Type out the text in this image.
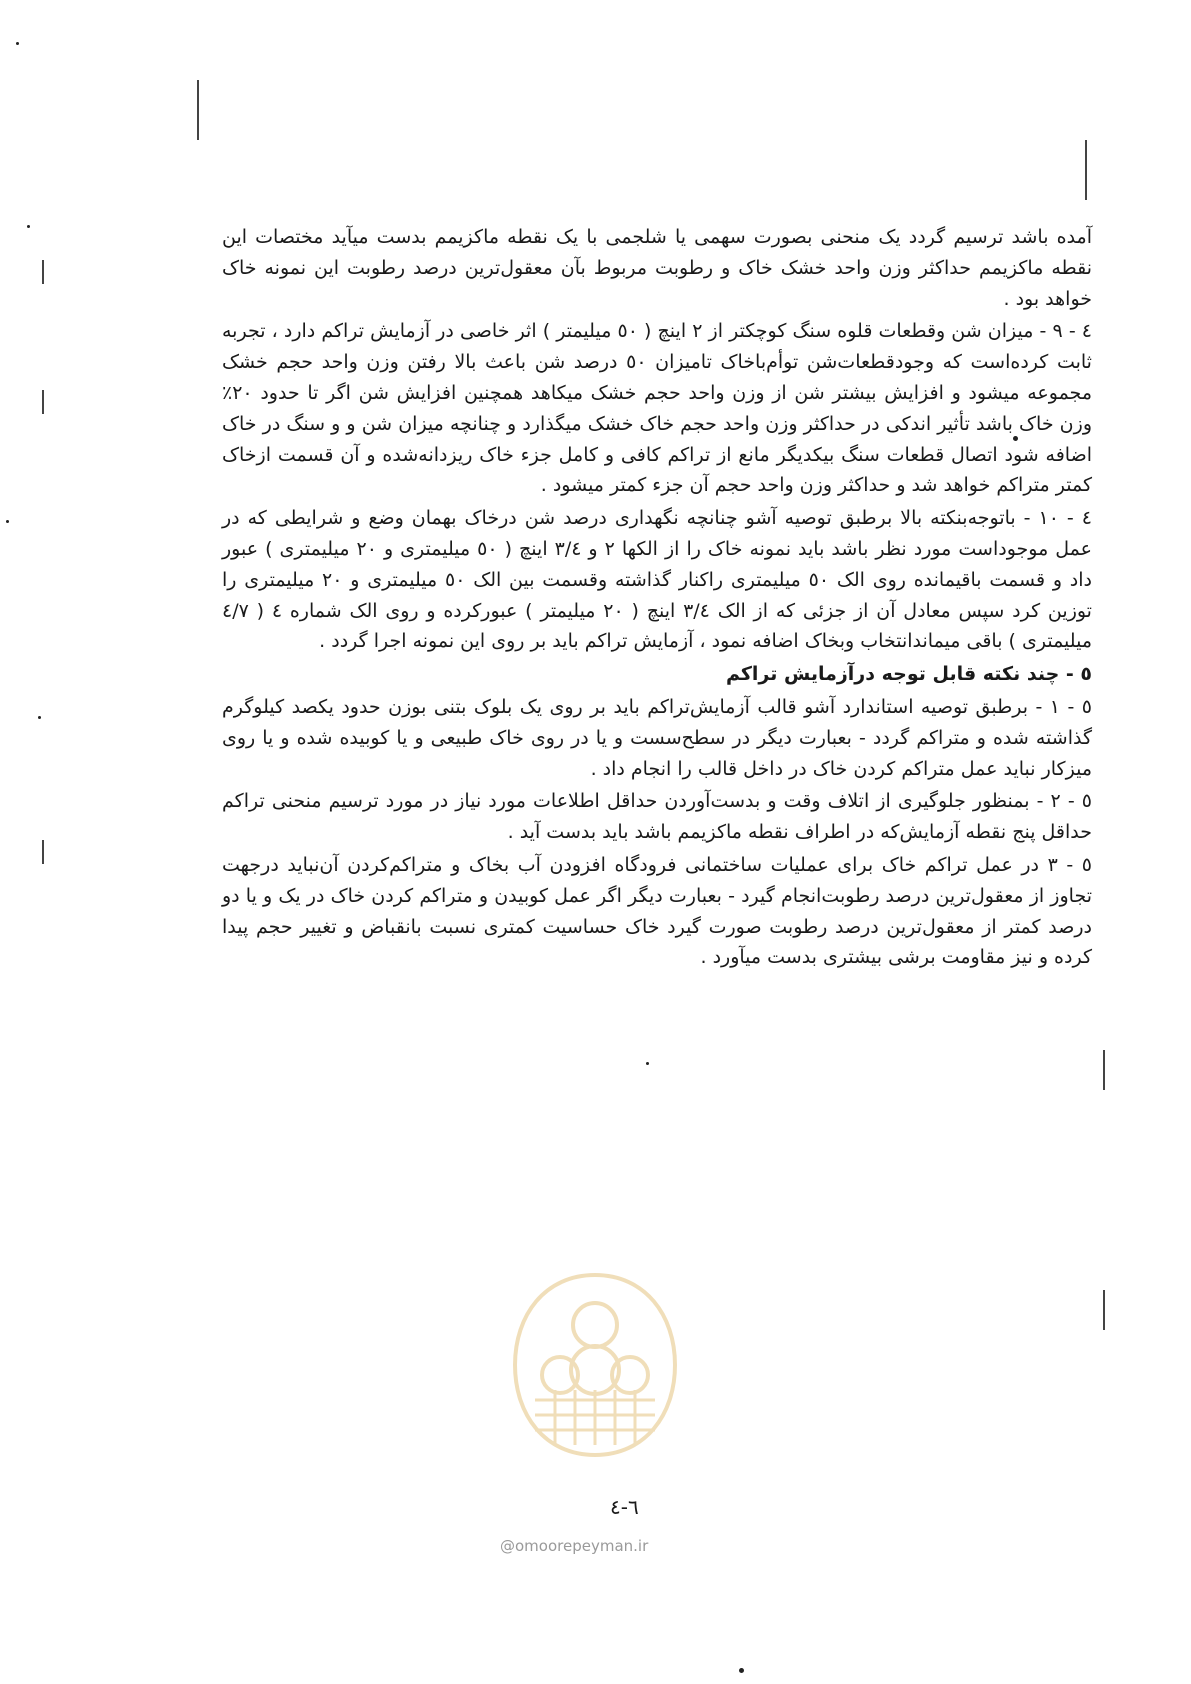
آمده باشد ترسیم گردد یک منحنی بصورت سهمی یا شلجمی با یک نقطه ماکزیمم بدست میآید مختصات این نقطه ماکزیمم حداکثر وزن واحد خشک خاک و رطوبت مربوط بآن معقول‌ترین درصد رطوبت این نمونه خاک خواهد بود .

٤ - ٩ - میزان شن وقطعات قلوه سنگ کوچکتر از ٢ اینچ ( ٥٠ میلیمتر ) اثر خاصی در آزمایش تراکم دارد ، تجربه ثابت کرده‌است که وجودقطعات‌شن توأم‌باخاک تامیزان ٥٠ درصد شن باعث بالا رفتن وزن واحد حجم خشک مجموعه میشود و افزایش بیشتر شن از وزن واحد حجم خشک میکاهد همچنین افزایش شن اگر تا حدود ٢٠٪ وزن خاک باشد تأثیر اندکی در حداکثر وزن واحد حجم خاک خشک میگذارد و چنانچه میزان شن و و سنگ در خاک اضافه شود اتصال قطعات سنگ بیکدیگر مانع از تراکم کافی و کامل جزء خاک ریزدانه‌شده و آن قسمت ازخاک کمتر متراکم خواهد شد و حداکثر وزن واحد حجم آن جزء کمتر میشود .

٤ - ١٠ - باتوجه‌بنکته بالا برطبق توصیه آشو چنانچه نگهداری درصد شن درخاک بهمان وضع و شرایطی که در عمل موجوداست مورد نظر باشد باید نمونه خاک را از الکها ٢ و ٣/٤ اینچ ( ٥٠ میلیمتری و ٢٠ میلیمتری ) عبور داد و قسمت باقیمانده روی الک ٥٠ میلیمتری راکنار گذاشته وقسمت بین الک ٥٠ میلیمتری و ٢٠ میلیمتری را توزین کرد سپس معادل آن از جزئی که از الک ٣/٤ اینچ ( ٢٠ میلیمتر ) عبورکرده و روی الک شماره ٤ ( ٤/٧ میلیمتری ) باقی میماندانتخاب وبخاک اضافه نمود ، آزمایش تراکم باید بر روی این نمونه اجرا گردد .

٥ - چند نکته قابل توجه درآزمایش تراکم

٥ - ١ - برطبق توصیه استاندارد آشو قالب آزمایش‌تراکم باید بر روی یک بلوک بتنی بوزن حدود یکصد کیلوگرم گذاشته شده و متراکم گردد - بعبارت دیگر در سطح‌سست و یا در روی خاک طبیعی و یا کوبیده شده و یا روی میزکار نباید عمل متراکم کردن خاک در داخل قالب را انجام داد .

٥ - ٢ - بمنظور جلوگیری از اتلاف وقت و بدست‌آوردن حداقل اطلاعات مورد نیاز در مورد ترسیم منحنی تراکم حداقل پنج نقطه آزمایش‌که در اطراف نقطه ماکزیمم باشد باید بدست آید .

٥ - ٣ در عمل تراکم خاک برای عملیات ساختمانی فرودگاه افزودن آب بخاک و متراکم‌کردن آن‌نباید درجهت تجاوز از معقول‌ترین درصد رطوبت‌انجام گیرد - بعبارت دیگر اگر عمل کوبیدن و متراکم کردن خاک در یک و یا دو درصد کمتر از معقول‌ترین درصد رطوبت صورت گیرد خاک حساسیت کمتری نسبت بانقباض و تغییر حجم پیدا کرده و نیز مقاومت برشی بیشتری بدست میآورد .

٦-٤
@omoorepeyman.ir
